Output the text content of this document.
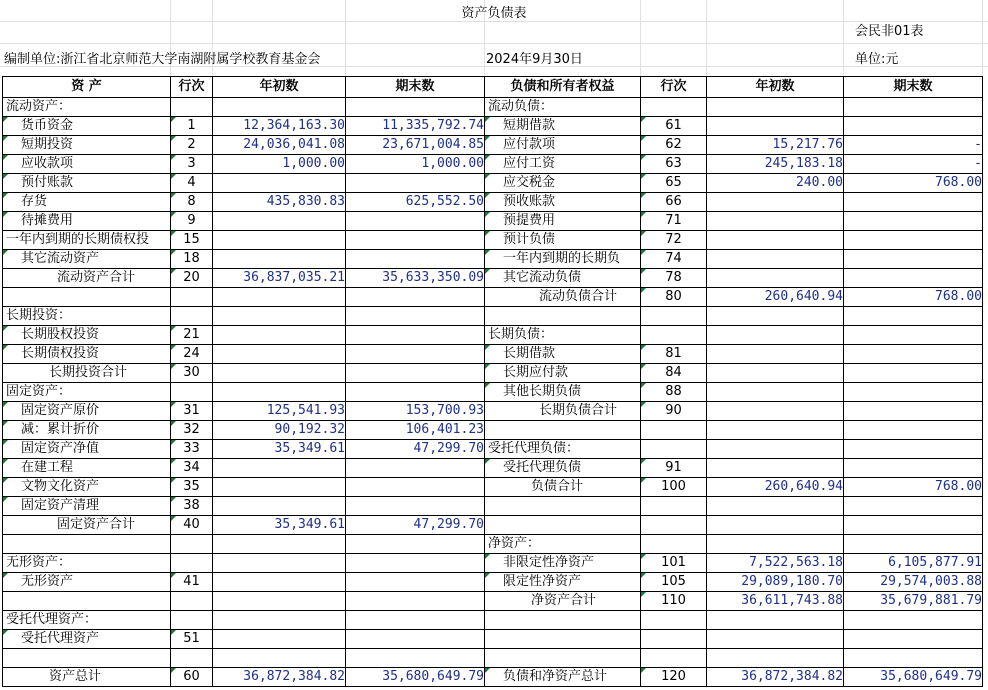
资产负债表
会民非01表
编制单位:浙江省北京师范大学南湖附属学校教育基金会	2024年9月30日	单位:元
资 产	行次	年初数	期末数	负债和所有者权益	行次	年初数	期末数
流动资产：				流动负债：			
货币资金	1	12,364,163.30	11,335,792.74	短期借款	61		
短期投资	2	24,036,041.08	23,671,004.85	应付款项	62	15,217.76	-
应收款项	3	1,000.00	1,000.00	应付工资	63	245,183.18	-
预付账款	4			应交税金	65	240.00	768.00
存货	8	435,830.83	625,552.50	预收账款	66		
待摊费用	9			预提费用	71		
一年内到期的长期债权投	15			预计负债	72		
其它流动资产	18			一年内到期的长期负	74		
流动资产合计	20	36,837,035.21	35,633,350.09	其它流动负债	78		
				流动负债合计	80	260,640.94	768.00
长期投资：							
长期股权投资	21			长期负债：			
长期债权投资	24			长期借款	81		
长期投资合计	30			长期应付款	84		
固定资产：				其他长期负债	88		
固定资产原价	31	125,541.93	153,700.93	长期负债合计	90		
减：累计折价	32	90,192.32	106,401.23				
固定资产净值	33	35,349.61	47,299.70	受托代理负债：			
在建工程	34			受托代理负债	91		
文物文化资产	35			负债合计	100	260,640.94	768.00
固定资产清理	38						
固定资产合计	40	35,349.61	47,299.70				
				净资产：			
无形资产：				非限定性净资产	101	7,522,563.18	6,105,877.91
无形资产	41			限定性净资产	105	29,089,180.70	29,574,003.88
				净资产合计	110	36,611,743.88	35,679,881.79
受托代理资产：							
受托代理资产	51						

资产总计	60	36,872,384.82	35,680,649.79	负债和净资产总计	120	36,872,384.82	35,680,649.79
